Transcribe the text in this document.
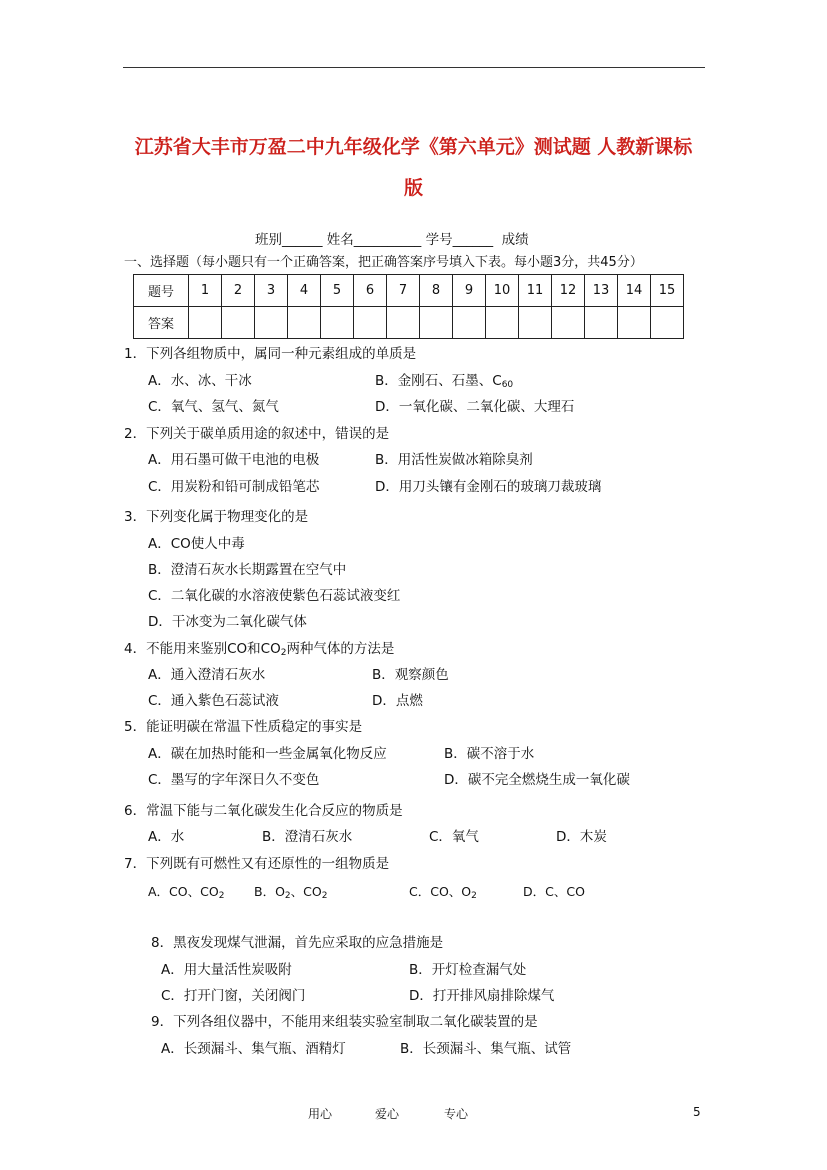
江苏省大丰市万盈二中九年级化学《第六单元》测试题 人教新课标
版
班别______ 姓名__________ 学号______  成绩
一、选择题（每小题只有一个正确答案，把正确答案序号填入下表。每小题3分，共45分）
题号	1	2	3	4	5	6	7	8	9	10	11	12	13	14	15
答案															
1．下列各组物质中，属同一种元素组成的单质是
A．水、冰、干冰	B．金刚石、石墨、$C_{60}$
C．氧气、氢气、氮气	D．一氧化碳、二氧化碳、大理石
2．下列关于碳单质用途的叙述中，错误的是
A．用石墨可做干电池的电极	B．用活性炭做冰箱除臭剂
C．用炭粉和铅可制成铅笔芯	D．用刀头镶有金刚石的玻璃刀裁玻璃
3．下列变化属于物理变化的是
A．CO使人中毒
B．澄清石灰水长期露置在空气中
C．二氧化碳的水溶液使紫色石蕊试液变红
D．干冰变为二氧化碳气体
4．不能用来鉴别CO和$CO_2$两种气体的方法是
A．通入澄清石灰水	B．观察颜色
C．通入紫色石蕊试液	D．点燃
5．能证明碳在常温下性质稳定的事实是
A．碳在加热时能和一些金属氧化物反应	B．碳不溶于水
C．墨写的字年深日久不变色	D．碳不完全燃烧生成一氧化碳
6．常温下能与二氧化碳发生化合反应的物质是
A．水	B．澄清石灰水	C．氧气	D．木炭
7．下列既有可燃性又有还原性的一组物质是
A．CO、$CO_2$ B．$O_2$、$CO_2$	C．CO、$O_2$	D．C、CO
8．黑夜发现煤气泄漏，首先应采取的应急措施是
A．用大量活性炭吸附	B．开灯检查漏气处
C．打开门窗，关闭阀门	D．打开排风扇排除煤气
9．下列各组仪器中，不能用来组装实验室制取二氧化碳装置的是
A．长颈漏斗、集气瓶、酒精灯	B．长颈漏斗、集气瓶、试管
用心	爱心	专心	5
